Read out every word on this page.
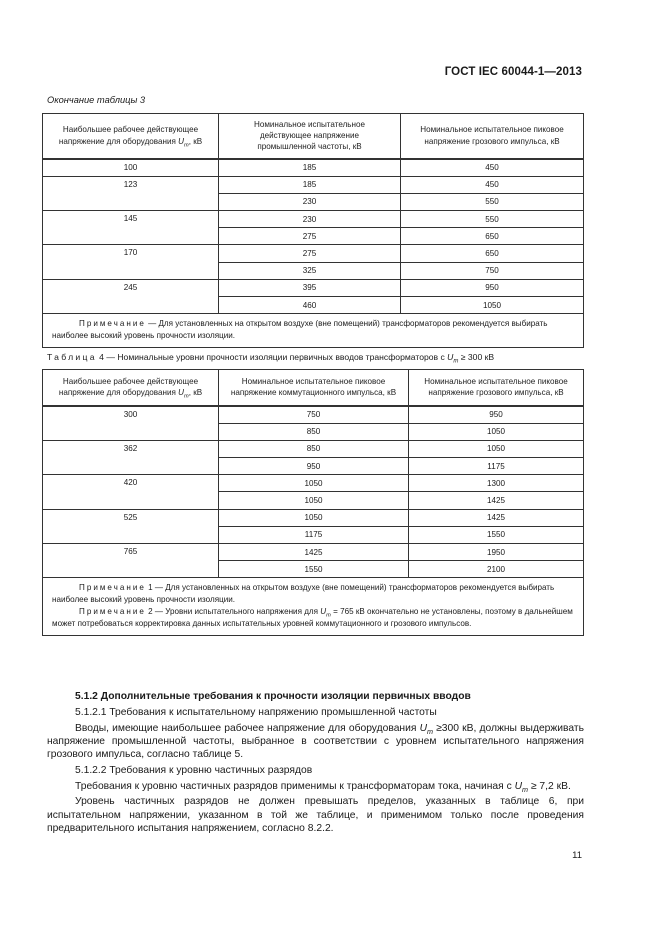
ГОСТ IEC 60044-1—2013
Окончание таблицы 3
Наибольшее рабочее действующее
напряжение для оборудования $U_m$, кВ	Номинальное испытательное
действующее напряжение
промышленной частоты, кВ	Номинальное испытательное пиковое
напряжение грозового импульса, кВ
100	185	450
123	185	450
	230	550
145	230	550
	275	650
170	275	650
	325	750
245	395	950
	460	1050

Примечание — Для установленных на открытом воздухе (вне помещений) трансформаторов рекомендуется выбирать наиболее высокий уровень прочности изоляции.		
Таблица 4 — Номинальные уровни прочности изоляции первичных вводов трансформаторов с $U_m \ge 300$ кВ
Наибольшее рабочее действующее
напряжение для оборудования $U_m$, кВ	Номинальное испытательное пиковое
напряжение коммутационного импульса, кВ	Номинальное испытательное пиковое
напряжение грозового импульса, кВ
300	750	950
	850	1050
362	850	1050
	950	1175
420	1050	1300
	1050	1425
525	1050	1425
	1175	1550
765	1425	1950
	1550	2100

Примечание 1 — Для установленных на открытом воздухе (вне помещений) трансформаторов рекомендуется выбирать наиболее высокий уровень прочности изоляции.
Примечание 2 — Уровни испытательного напряжения для $U_m = 765$ кВ окончательно не установлены, поэтому в дальнейшем может потребоваться корректировка данных испытательных уровней коммутационного и грозового импульсов.		

5.1.2 Дополнительные требования к прочности изоляции первичных вводов

5.1.2.1 Требования к испытательному напряжению промышленной частоты

Вводы, имеющие наибольшее рабочее напряжение для оборудования $U_m \ge 300$ кВ, должны выдерживать напряжение промышленной частоты, выбранное в соответствии с уровнем испытательного напряжения грозового импульса, согласно таблице 5.

5.1.2.2 Требования к уровню частичных разрядов

Требования к уровню частичных разрядов применимы к трансформаторам тока, начиная с $U_m \ge 7,2$ кВ.

Уровень частичных разрядов не должен превышать пределов, указанных в таблице 6, при испытательном напряжении, указанном в той же таблице, и применимом только после проведения предварительного испытания напряжением, согласно 8.2.2.

11
